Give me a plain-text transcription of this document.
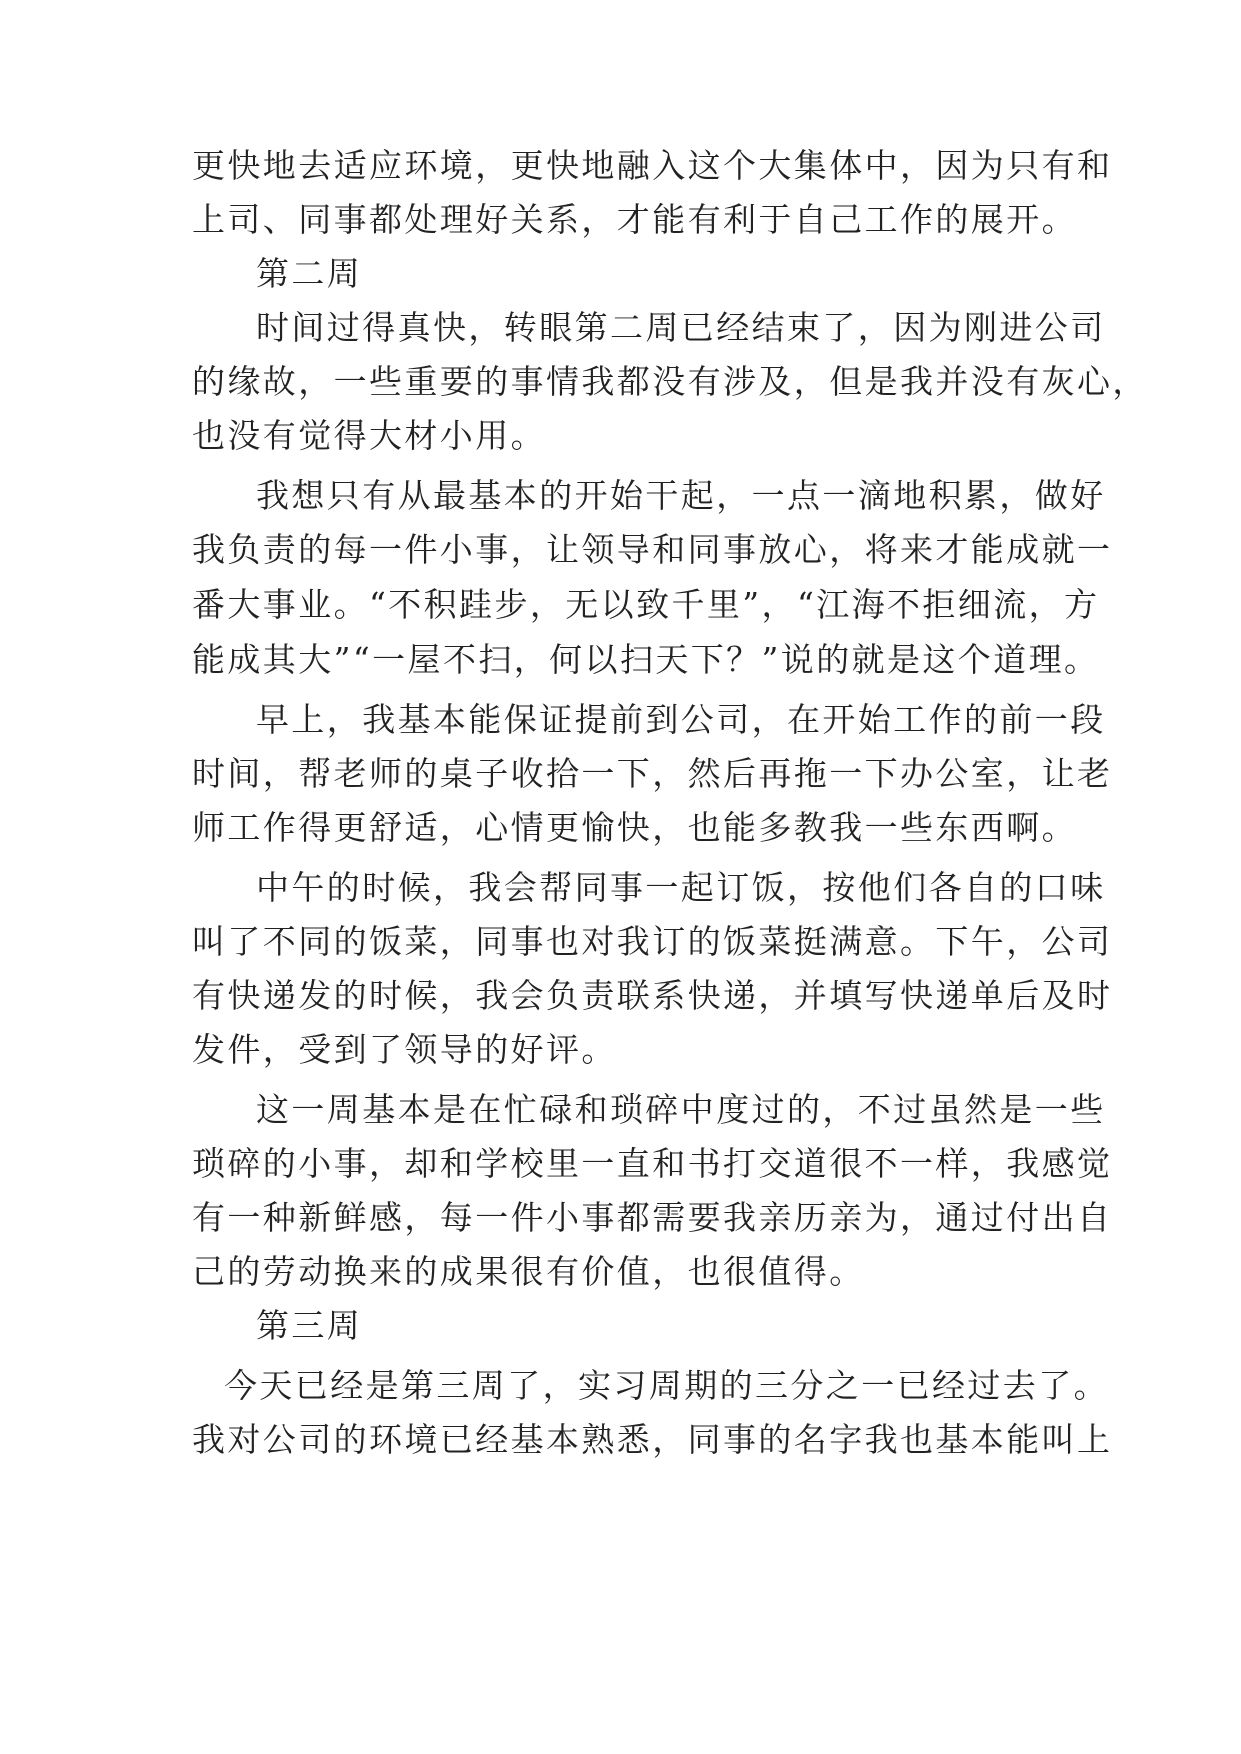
更快地去适应环境，更快地融入这个大集体中，因为只有和
上司、同事都处理好关系，才能有利于自己工作的展开。
第二周
时间过得真快，转眼第二周已经结束了，因为刚进公司
的缘故，一些重要的事情我都没有涉及，但是我并没有灰心，
也没有觉得大材小用。
我想只有从最基本的开始干起，一点一滴地积累，做好
我负责的每一件小事，让领导和同事放心，将来才能成就一
番大事业。“不积跬步，无以致千里”，“江海不拒细流，方
能成其大”“一屋不扫，何以扫天下？”说的就是这个道理。
早上，我基本能保证提前到公司，在开始工作的前一段
时间，帮老师的桌子收拾一下，然后再拖一下办公室，让老
师工作得更舒适，心情更愉快，也能多教我一些东西啊。
中午的时候，我会帮同事一起订饭，按他们各自的口味
叫了不同的饭菜，同事也对我订的饭菜挺满意。下午，公司
有快递发的时候，我会负责联系快递，并填写快递单后及时
发件，受到了领导的好评。
这一周基本是在忙碌和琐碎中度过的，不过虽然是一些
琐碎的小事，却和学校里一直和书打交道很不一样，我感觉
有一种新鲜感，每一件小事都需要我亲历亲为，通过付出自
己的劳动换来的成果很有价值，也很值得。
第三周
今天已经是第三周了，实习周期的三分之一已经过去了。
我对公司的环境已经基本熟悉，同事的名字我也基本能叫上
